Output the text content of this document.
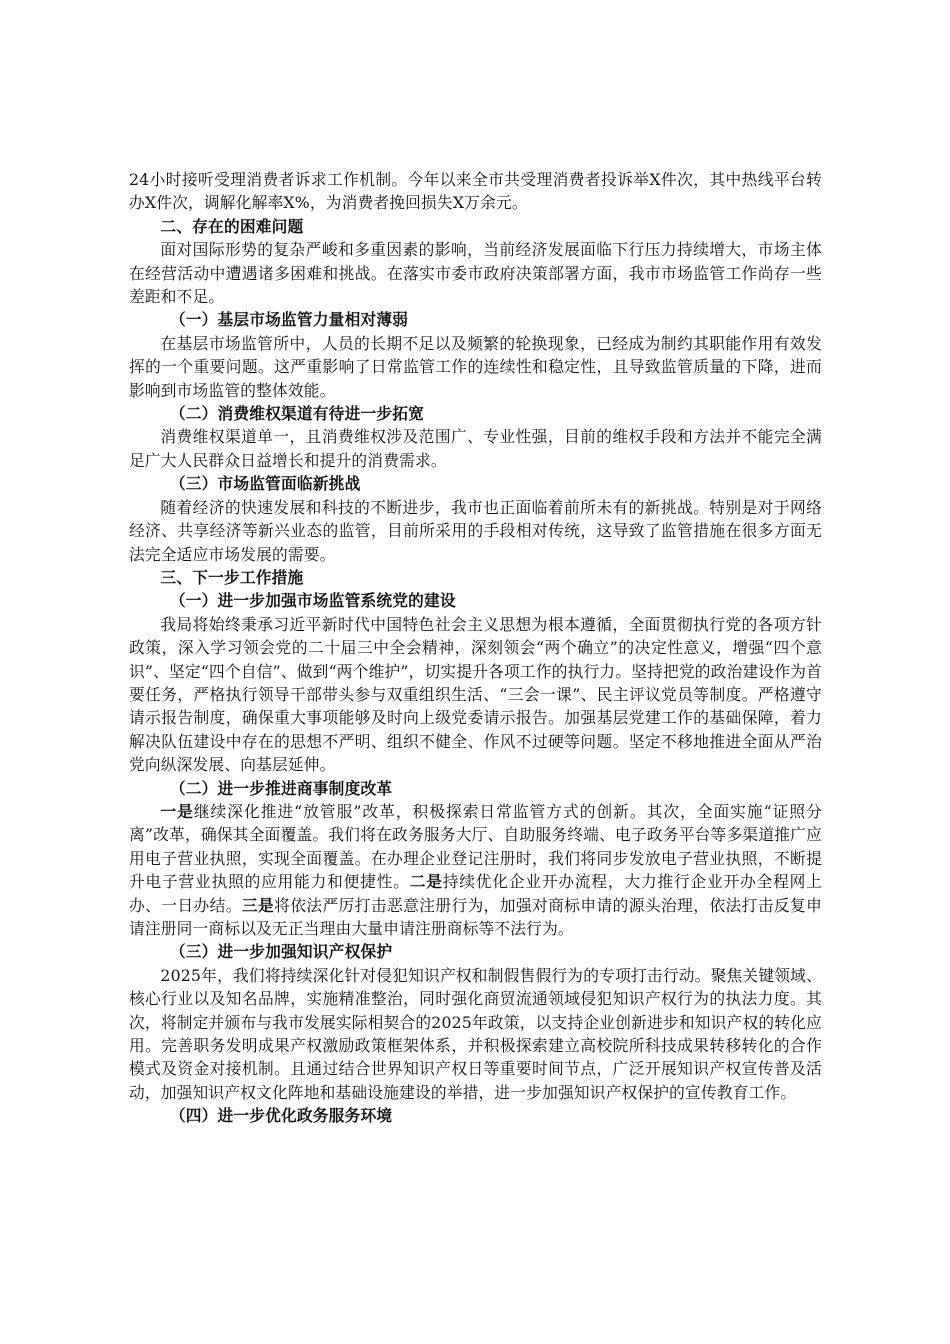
24小时接听受理消费者诉求工作机制。今年以来全市共受理消费者投诉举X件次，其中热线平台转办X件次，调解化解率X%，为消费者挽回损失X万余元。

二、存在的困难问题

面对国际形势的复杂严峻和多重因素的影响，当前经济发展面临下行压力持续增大，市场主体在经营活动中遭遇诸多困难和挑战。在落实市委市政府决策部署方面，我市市场监管工作尚存一些差距和不足。

（一）基层市场监管力量相对薄弱

在基层市场监管所中，人员的长期不足以及频繁的轮换现象，已经成为制约其职能作用有效发挥的一个重要问题。这严重影响了日常监管工作的连续性和稳定性，且导致监管质量的下降，进而影响到市场监管的整体效能。

（二）消费维权渠道有待进一步拓宽

消费维权渠道单一，且消费维权涉及范围广、专业性强，目前的维权手段和方法并不能完全满足广大人民群众日益增长和提升的消费需求。

（三）市场监管面临新挑战

随着经济的快速发展和科技的不断进步，我市也正面临着前所未有的新挑战。特别是对于网络经济、共享经济等新兴业态的监管，目前所采用的手段相对传统，这导致了监管措施在很多方面无法完全适应市场发展的需要。

三、下一步工作措施

（一）进一步加强市场监管系统党的建设

我局将始终秉承习近平新时代中国特色社会主义思想为根本遵循，全面贯彻执行党的各项方针政策，深入学习领会党的二十届三中全会精神，深刻领会“两个确立”的决定性意义，增强“四个意识”、坚定“四个自信”、做到“两个维护”，切实提升各项工作的执行力。坚持把党的政治建设作为首要任务，严格执行领导干部带头参与双重组织生活、“三会一课”、民主评议党员等制度。严格遵守请示报告制度，确保重大事项能够及时向上级党委请示报告。加强基层党建工作的基础保障，着力解决队伍建设中存在的思想不严明、组织不健全、作风不过硬等问题。坚定不移地推进全面从严治党向纵深发展、向基层延伸。

（二）进一步推进商事制度改革

一是继续深化推进“放管服”改革，积极探索日常监管方式的创新。其次，全面实施“证照分离”改革，确保其全面覆盖。我们将在政务服务大厅、自助服务终端、电子政务平台等多渠道推广应用电子营业执照，实现全面覆盖。在办理企业登记注册时，我们将同步发放电子营业执照，不断提升电子营业执照的应用能力和便捷性。二是持续优化企业开办流程，大力推行企业开办全程网上办、一日办结。三是将依法严厉打击恶意注册行为，加强对商标申请的源头治理，依法打击反复申请注册同一商标以及无正当理由大量申请注册商标等不法行为。

（三）进一步加强知识产权保护

2025年，我们将持续深化针对侵犯知识产权和制假售假行为的专项打击行动。聚焦关键领域、核心行业以及知名品牌，实施精准整治，同时强化商贸流通领域侵犯知识产权行为的执法力度。其次，将制定并颁布与我市发展实际相契合的2025年政策，以支持企业创新进步和知识产权的转化应用。完善职务发明成果产权激励政策框架体系，并积极探索建立高校院所科技成果转移转化的合作模式及资金对接机制。且通过结合世界知识产权日等重要时间节点，广泛开展知识产权宣传普及活动，加强知识产权文化阵地和基础设施建设的举措，进一步加强知识产权保护的宣传教育工作。

（四）进一步优化政务服务环境
